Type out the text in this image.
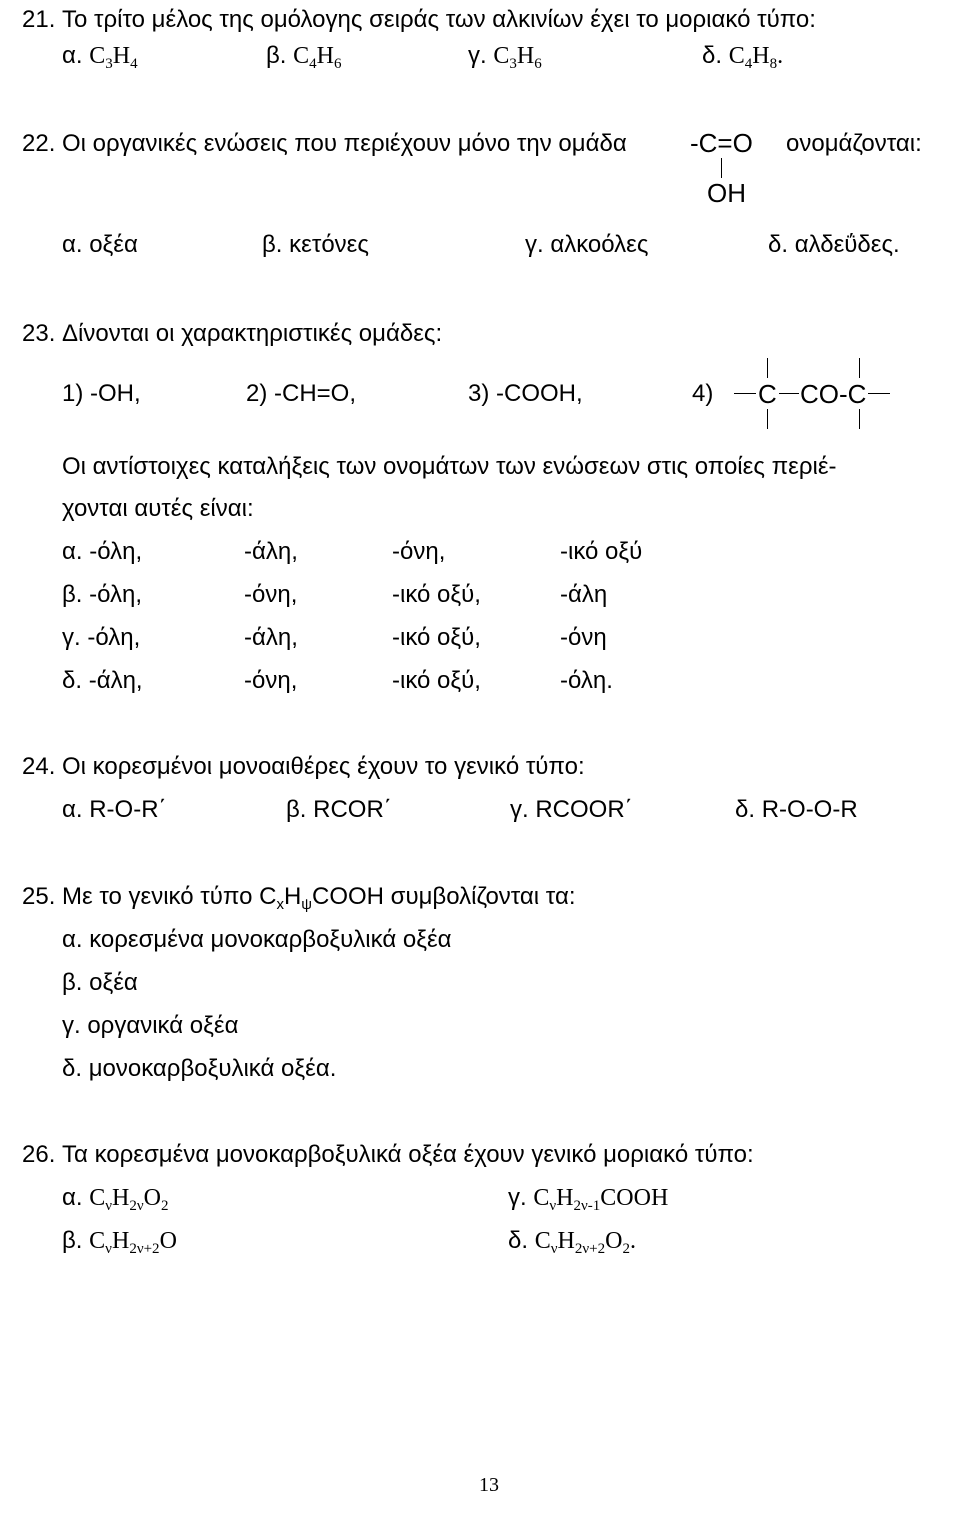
21. Το τρίτο μέλος της ομόλογης σειράς των αλκινίων έχει το μοριακό τύπο:
α. $C_3H_4$	β. $C_4H_6$	γ. $C_3H_6$	δ. $C_4H_8$.
22. Οι οργανικές ενώσεις που περιέχουν μόνο την ομάδα -C=O
OH
ονομάζονται:
α. οξέα	β. κετόνες	γ. αλκοόλες	δ. αλδεΰδες.
23. Δίνονται οι χαρακτηριστικές ομάδες:
1) -OH,	2) -CH=O,	3) -COOH,	4) C CO-C
Οι αντίστοιχες καταλήξεις των ονομάτων των ενώσεων στις οποίες περιέ-
χονται αυτές είναι:
α. -όλη,	-άλη,	-όνη,	-ικό οξύ
β. -όλη,	-όνη,	-ικό οξύ,	-άλη
γ. -όλη,	-άλη,	-ικό οξύ,	-όνη
δ. -άλη,	-όνη,	-ικό οξύ,	-όλη.
24. Οι κορεσμένοι μονοαιθέρες έχουν το γενικό τύπο:
α. R-O-R΄	β. RCOR΄	γ. RCOOR΄	δ. R-O-O-R
25. Με το γενικό τύπο $C_xH_\psi COOH$ συμβολίζονται τα:
α. κορεσμένα μονοκαρβοξυλικά οξέα
β. οξέα
γ. οργανικά οξέα
δ. μονοκαρβοξυλικά οξέα.
26. Τα κορεσμένα μονοκαρβοξυλικά οξέα έχουν γενικό μοριακό τύπο:
α. $C_\nu H_{2\nu}O_2$	γ. $C_\nu H_{2\nu-1}COOH$
β. $C_\nu H_{2\nu+2}O$	δ. $C_\nu H_{2\nu+2}O_2$.
13
